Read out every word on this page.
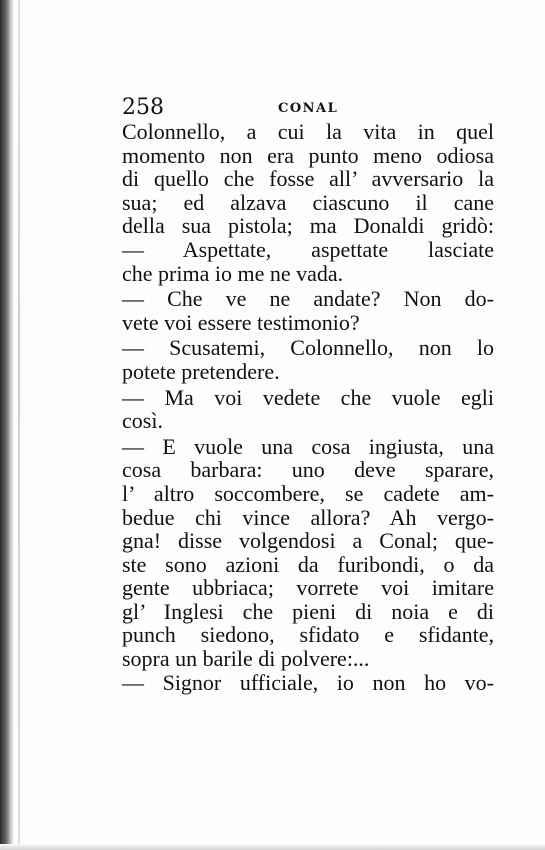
258	CONAL
Colonnello, a cui la vita in quel
momento non era punto meno odiosa
di quello che fosse all’ avversario la
sua; ed alzava ciascuno il cane
della sua pistola; ma Donaldi gridò:
— Aspettate, aspettate lasciate
che prima io me ne vada.
— Che ve ne andate? Non do-
vete voi essere testimonio?
— Scusatemi, Colonnello, non lo
potete pretendere.
— Ma voi vedete che vuole egli
così.
— E vuole una cosa ingiusta, una
cosa barbara: uno deve sparare,
l’ altro soccombere, se cadete am-
bedue chi vince allora? Ah vergo-
gna! disse volgendosi a Conal; que-
ste sono azioni da furibondi, o da
gente ubbriaca; vorrete voi imitare
gl’ Inglesi che pieni di noia e di
punch siedono, sfidato e sfidante,
sopra un barile di polvere:...
— Signor ufficiale, io non ho vo-
